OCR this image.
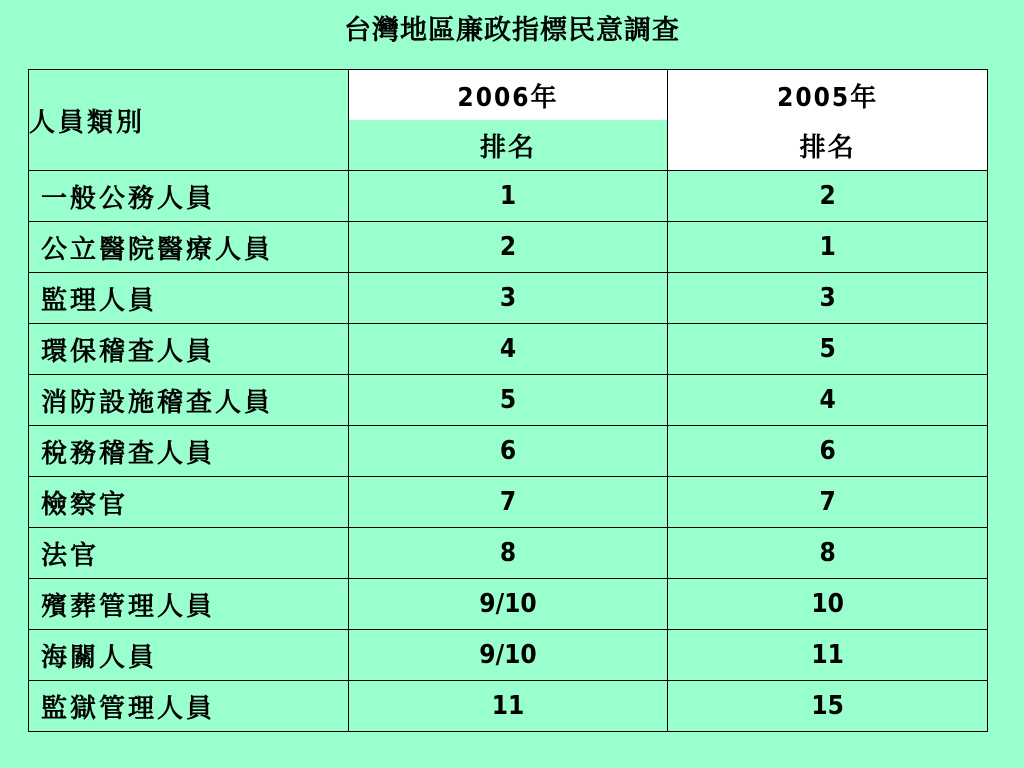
台灣地區廉政指標民意調查
人員類別	2006年	2005年
	排名	排名
一般公務人員	1	2
公立醫院醫療人員	2	1
監理人員	3	3
環保稽查人員	4	5
消防設施稽查人員	5	4
稅務稽查人員	6	6
檢察官	7	7
法官	8	8
殯葬管理人員	9/10	10
海關人員	9/10	11
監獄管理人員	11	15
